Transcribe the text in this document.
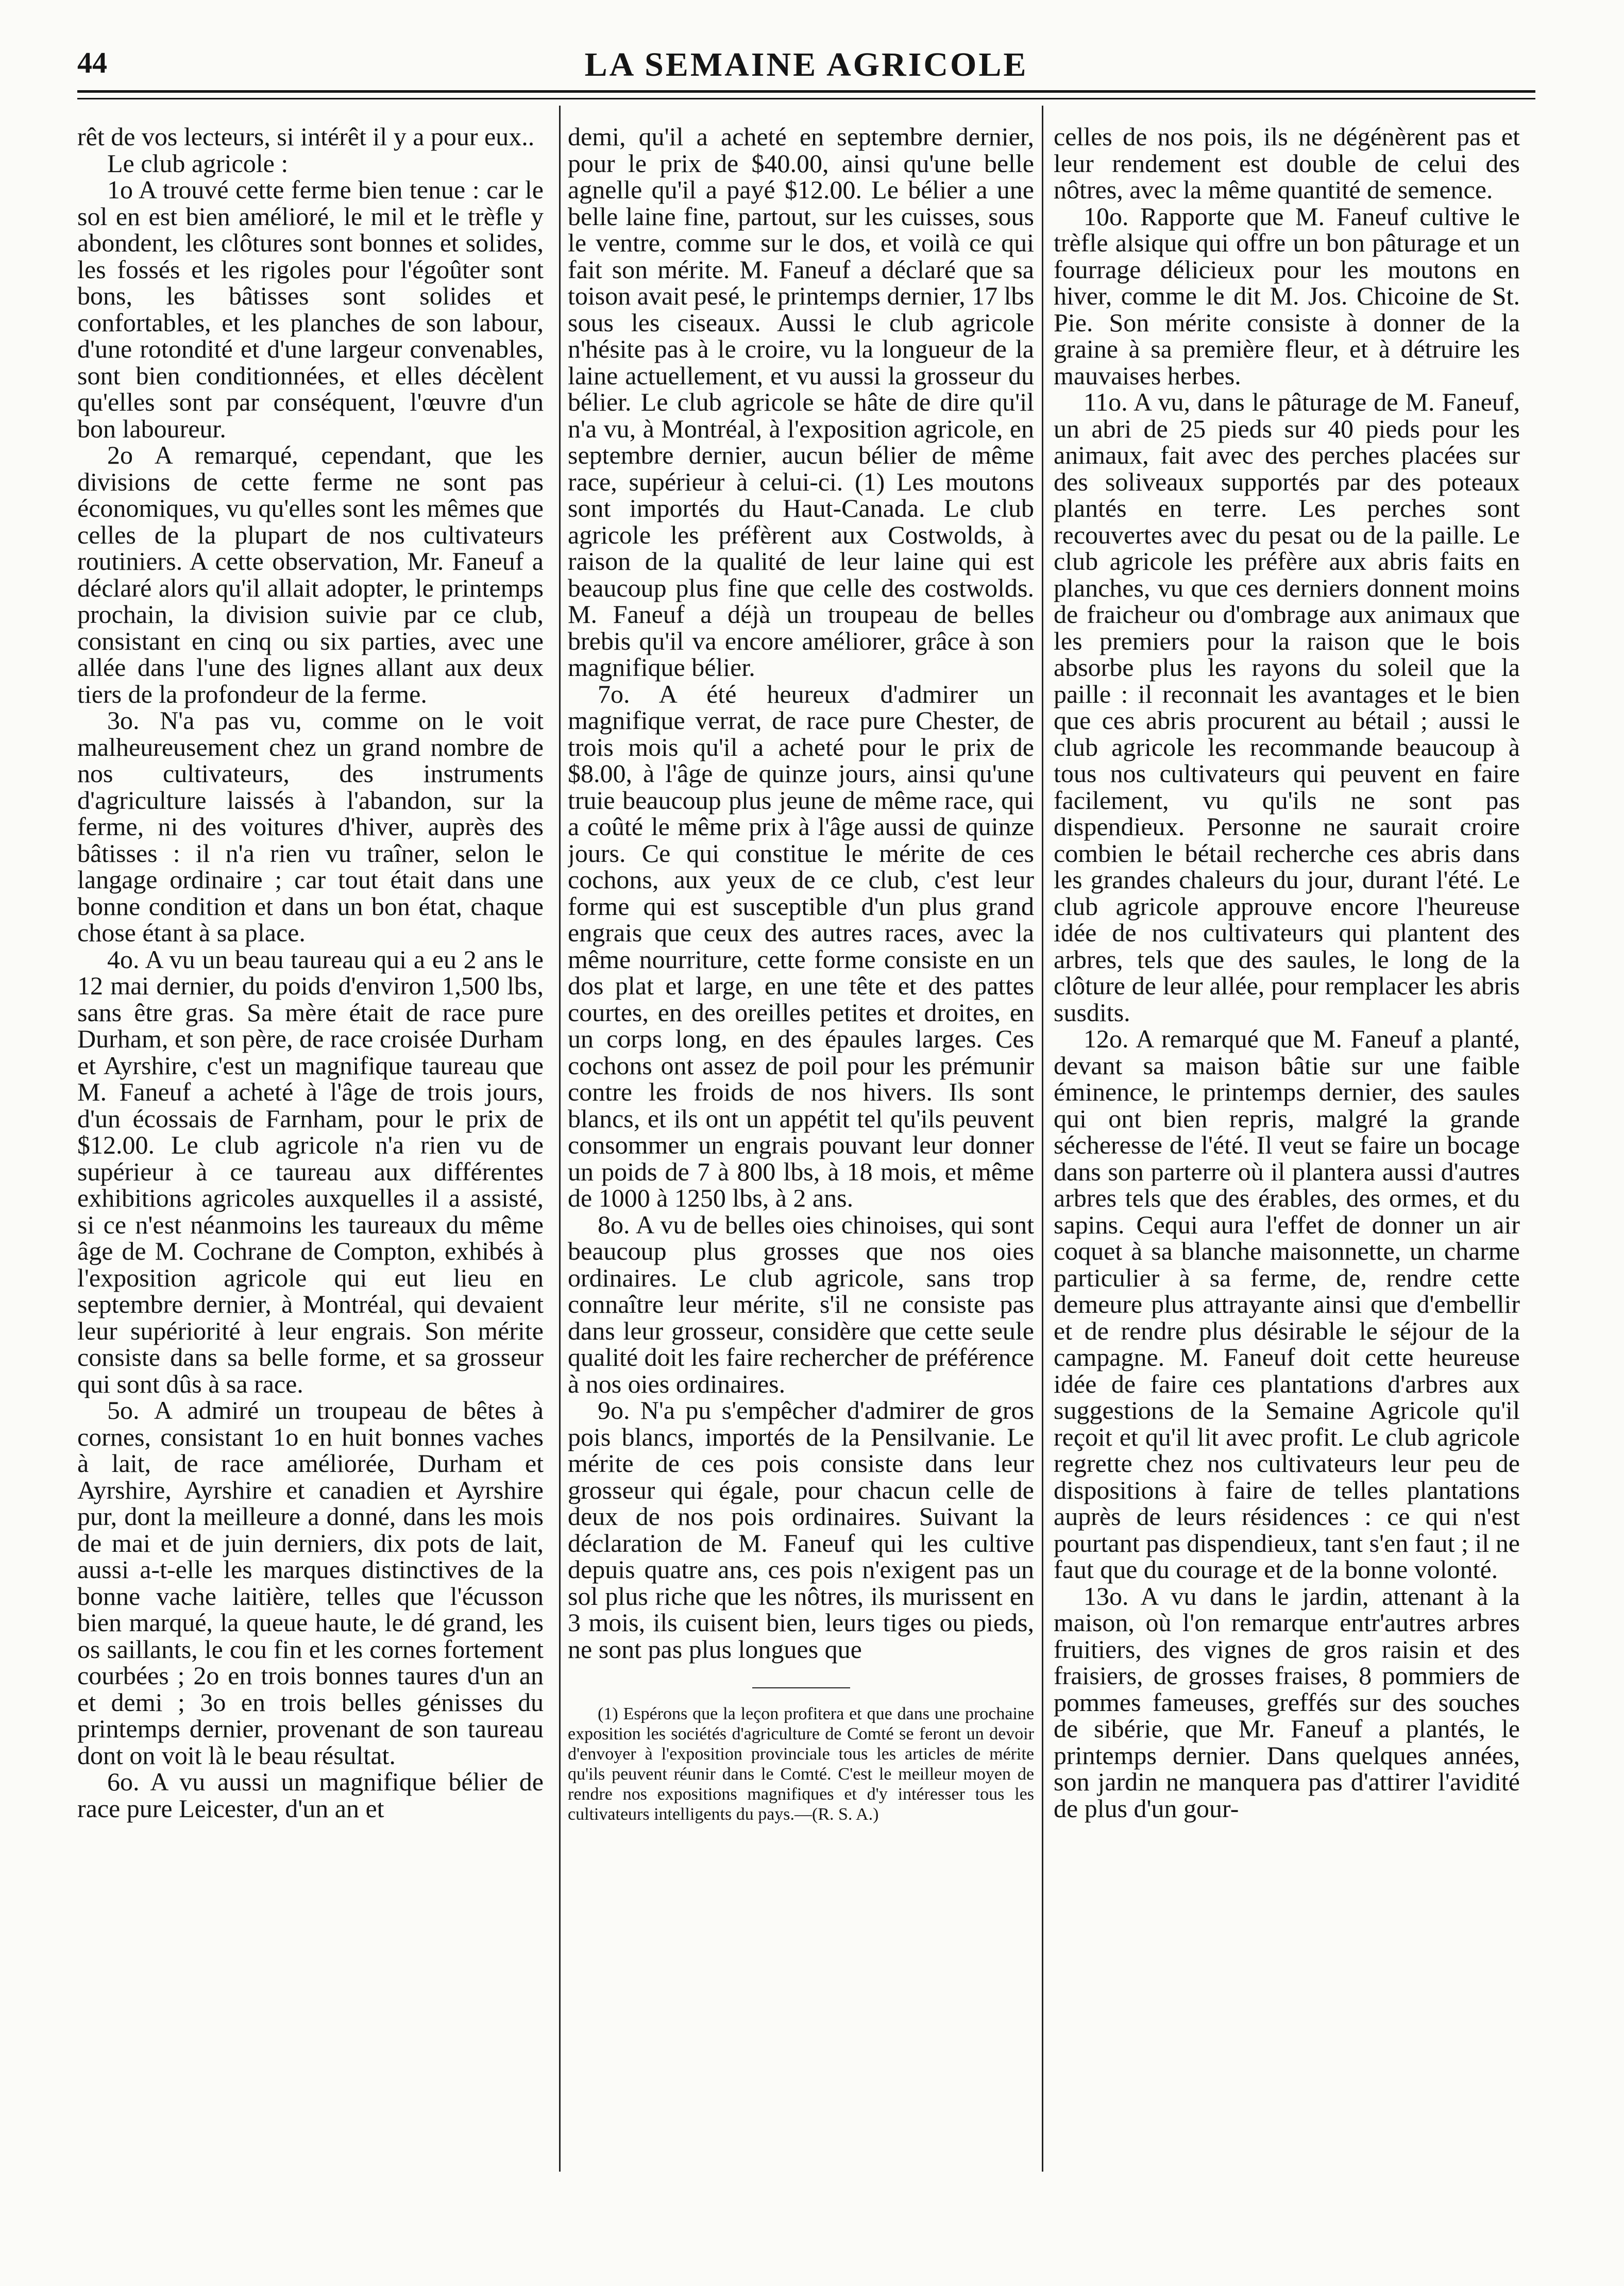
44	LA SEMAINE AGRICOLE

rêt de vos lecteurs, si intérêt il y a pour eux..

Le club agricole :

1o A trouvé cette ferme bien tenue : car le sol en est bien amélioré, le mil et le trèfle y abondent, les clôtures sont bonnes et solides, les fossés et les rigoles pour l'égoûter sont bons, les bâtisses sont solides et confortables, et les planches de son labour, d'une rotondité et d'une largeur convenables, sont bien conditionnées, et elles décèlent qu'elles sont par conséquent, l'œuvre d'un bon laboureur.

2o A remarqué, cependant, que les divisions de cette ferme ne sont pas économiques, vu qu'elles sont les mêmes que celles de la plupart de nos cultivateurs routiniers. A cette observation, Mr. Faneuf a déclaré alors qu'il allait adopter, le printemps prochain, la division suivie par ce club, consistant en cinq ou six parties, avec une allée dans l'une des lignes allant aux deux tiers de la profondeur de la ferme.

3o. N'a pas vu, comme on le voit malheureusement chez un grand nombre de nos cultivateurs, des instruments d'agriculture laissés à l'abandon, sur la ferme, ni des voitures d'hiver, auprès des bâtisses : il n'a rien vu traîner, selon le langage ordinaire ; car tout était dans une bonne condition et dans un bon état, chaque chose étant à sa place.

4o. A vu un beau taureau qui a eu 2 ans le 12 mai dernier, du poids d'environ 1,500 lbs, sans être gras. Sa mère était de race pure Durham, et son père, de race croisée Durham et Ayrshire, c'est un magnifique taureau que M. Faneuf a acheté à l'âge de trois jours, d'un écossais de Farnham, pour le prix de $12.00. Le club agricole n'a rien vu de supérieur à ce taureau aux différentes exhibitions agricoles auxquelles il a assisté, si ce n'est néanmoins les taureaux du même âge de M. Cochrane de Compton, exhibés à l'exposition agricole qui eut lieu en septembre dernier, à Montréal, qui devaient leur supériorité à leur engrais. Son mérite consiste dans sa belle forme, et sa grosseur qui sont dûs à sa race.

5o. A admiré un troupeau de bêtes à cornes, consistant 1o en huit bonnes vaches à lait, de race améliorée, Durham et Ayrshire, Ayrshire et canadien et Ayrshire pur, dont la meilleure a donné, dans les mois de mai et de juin derniers, dix pots de lait, aussi a-t-elle les marques distinctives de la bonne vache laitière, telles que l'écusson bien marqué, la queue haute, le dé grand, les os saillants, le cou fin et les cornes fortement courbées ; 2o en trois bonnes taures d'un an et demi ; 3o en trois belles génisses du printemps dernier, provenant de son taureau dont on voit là le beau résultat.

6o. A vu aussi un magnifique bélier de race pure Leicester, d'un an et

demi, qu'il a acheté en septembre dernier, pour le prix de $40.00, ainsi qu'une belle agnelle qu'il a payé $12.00. Le bélier a une belle laine fine, partout, sur les cuisses, sous le ventre, comme sur le dos, et voilà ce qui fait son mérite. M. Faneuf a déclaré que sa toison avait pesé, le printemps dernier, 17 lbs sous les ciseaux. Aussi le club agricole n'hésite pas à le croire, vu la longueur de la laine actuellement, et vu aussi la grosseur du bélier. Le club agricole se hâte de dire qu'il n'a vu, à Montréal, à l'exposition agricole, en septembre dernier, aucun bélier de même race, supérieur à celui-ci. (1) Les moutons sont importés du Haut-Canada. Le club agricole les préfèrent aux Costwolds, à raison de la qualité de leur laine qui est beaucoup plus fine que celle des costwolds. M. Faneuf a déjà un troupeau de belles brebis qu'il va encore améliorer, grâce à son magnifique bélier.

7o. A été heureux d'admirer un magnifique verrat, de race pure Chester, de trois mois qu'il a acheté pour le prix de $8.00, à l'âge de quinze jours, ainsi qu'une truie beaucoup plus jeune de même race, qui a coûté le même prix à l'âge aussi de quinze jours. Ce qui constitue le mérite de ces cochons, aux yeux de ce club, c'est leur forme qui est susceptible d'un plus grand engrais que ceux des autres races, avec la même nourriture, cette forme consiste en un dos plat et large, en une tête et des pattes courtes, en des oreilles petites et droites, en un corps long, en des épaules larges. Ces cochons ont assez de poil pour les prémunir contre les froids de nos hivers. Ils sont blancs, et ils ont un appétit tel qu'ils peuvent consommer un engrais pouvant leur donner un poids de 7 à 800 lbs, à 18 mois, et même de 1000 à 1250 lbs, à 2 ans.

8o. A vu de belles oies chinoises, qui sont beaucoup plus grosses que nos oies ordinaires. Le club agricole, sans trop connaître leur mérite, s'il ne consiste pas dans leur grosseur, considère que cette seule qualité doit les faire rechercher de préférence à nos oies ordinaires.

9o. N'a pu s'empêcher d'admirer de gros pois blancs, importés de la Pensilvanie. Le mérite de ces pois consiste dans leur grosseur qui égale, pour chacun celle de deux de nos pois ordinaires. Suivant la déclaration de M. Faneuf qui les cultive depuis quatre ans, ces pois n'exigent pas un sol plus riche que les nôtres, ils murissent en 3 mois, ils cuisent bien, leurs tiges ou pieds, ne sont pas plus longues que

(1) Espérons que la leçon profitera et que dans une prochaine exposition les sociétés d'agriculture de Comté se feront un devoir d'envoyer à l'exposition provinciale tous les articles de mérite qu'ils peuvent réunir dans le Comté. C'est le meilleur moyen de rendre nos expositions magnifiques et d'y intéresser tous les cultivateurs intelligents du pays.—(R. S. A.)

celles de nos pois, ils ne dégénèrent pas et leur rendement est double de celui des nôtres, avec la même quantité de semence.

10o. Rapporte que M. Faneuf cultive le trèfle alsique qui offre un bon pâturage et un fourrage délicieux pour les moutons en hiver, comme le dit M. Jos. Chicoine de St. Pie. Son mérite consiste à donner de la graine à sa première fleur, et à détruire les mauvaises herbes.

11o. A vu, dans le pâturage de M. Faneuf, un abri de 25 pieds sur 40 pieds pour les animaux, fait avec des perches placées sur des soliveaux supportés par des poteaux plantés en terre. Les perches sont recouvertes avec du pesat ou de la paille. Le club agricole les préfère aux abris faits en planches, vu que ces derniers donnent moins de fraicheur ou d'ombrage aux animaux que les premiers pour la raison que le bois absorbe plus les rayons du soleil que la paille : il reconnait les avantages et le bien que ces abris procurent au bétail ; aussi le club agricole les recommande beaucoup à tous nos cultivateurs qui peuvent en faire facilement, vu qu'ils ne sont pas dispendieux. Personne ne saurait croire combien le bétail recherche ces abris dans les grandes chaleurs du jour, durant l'été. Le club agricole approuve encore l'heureuse idée de nos cultivateurs qui plantent des arbres, tels que des saules, le long de la clôture de leur allée, pour remplacer les abris susdits.

12o. A remarqué que M. Faneuf a planté, devant sa maison bâtie sur une faible éminence, le printemps dernier, des saules qui ont bien repris, malgré la grande sécheresse de l'été. Il veut se faire un bocage dans son parterre où il plantera aussi d'autres arbres tels que des érables, des ormes, et du sapins. Cequi aura l'effet de donner un air coquet à sa blanche maisonnette, un charme particulier à sa ferme, de, rendre cette demeure plus attrayante ainsi que d'embellir et de rendre plus désirable le séjour de la campagne. M. Faneuf doit cette heureuse idée de faire ces plantations d'arbres aux suggestions de la Semaine Agricole qu'il reçoit et qu'il lit avec profit. Le club agricole regrette chez nos cultivateurs leur peu de dispositions à faire de telles plantations auprès de leurs résidences : ce qui n'est pourtant pas dispendieux, tant s'en faut ; il ne faut que du courage et de la bonne volonté.

13o. A vu dans le jardin, attenant à la maison, où l'on remarque entr'autres arbres fruitiers, des vignes de gros raisin et des fraisiers, de grosses fraises, 8 pommiers de pommes fameuses, greffés sur des souches de sibérie, que Mr. Faneuf a plantés, le printemps dernier. Dans quelques années, son jardin ne manquera pas d'attirer l'avidité de plus d'un gour-
